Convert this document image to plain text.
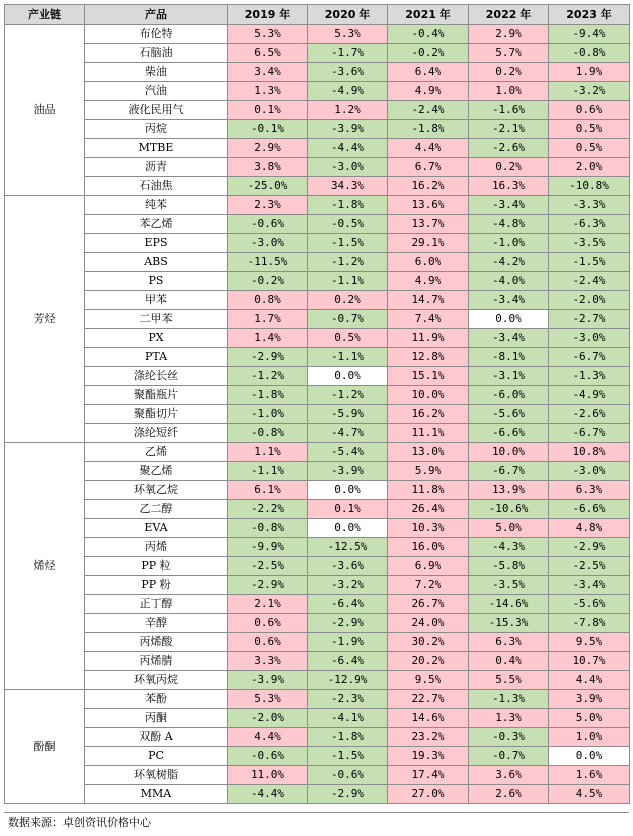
产业链	产品	2019 年	2020 年	2021 年	2022 年	2023 年
油品	布伦特	5.3%	5.3%	-0.4%	2.9%	-9.4%
	石脑油	6.5%	-1.7%	-0.2%	5.7%	-0.8%
	柴油	3.4%	-3.6%	6.4%	0.2%	1.9%
	汽油	1.3%	-4.9%	4.9%	1.0%	-3.2%
	液化民用气	0.1%	1.2%	-2.4%	-1.6%	0.6%
	丙烷	-0.1%	-3.9%	-1.8%	-2.1%	0.5%
	MTBE	2.9%	-4.4%	4.4%	-2.6%	0.5%
	沥青	3.8%	-3.0%	6.7%	0.2%	2.0%
	石油焦	-25.0%	34.3%	16.2%	16.3%	-10.8%
芳烃	纯苯	2.3%	-1.8%	13.6%	-3.4%	-3.3%
	苯乙烯	-0.6%	-0.5%	13.7%	-4.8%	-6.3%
	EPS	-3.0%	-1.5%	29.1%	-1.0%	-3.5%
	ABS	-11.5%	-1.2%	6.0%	-4.2%	-1.5%
	PS	-0.2%	-1.1%	4.9%	-4.0%	-2.4%
	甲苯	0.8%	0.2%	14.7%	-3.4%	-2.0%
	二甲苯	1.7%	-0.7%	7.4%	0.0%	-2.7%
	PX	1.4%	0.5%	11.9%	-3.4%	-3.0%
	PTA	-2.9%	-1.1%	12.8%	-8.1%	-6.7%
	涤纶长丝	-1.2%	0.0%	15.1%	-3.1%	-1.3%
	聚酯瓶片	-1.8%	-1.2%	10.0%	-6.0%	-4.9%
	聚酯切片	-1.0%	-5.9%	16.2%	-5.6%	-2.6%
	涤纶短纤	-0.8%	-4.7%	11.1%	-6.6%	-6.7%
烯烃	乙烯	1.1%	-5.4%	13.0%	10.0%	10.8%
	聚乙烯	-1.1%	-3.9%	5.9%	-6.7%	-3.0%
	环氧乙烷	6.1%	0.0%	11.8%	13.9%	6.3%
	乙二醇	-2.2%	0.1%	26.4%	-10.6%	-6.6%
	EVA	-0.8%	0.0%	10.3%	5.0%	4.8%
	丙烯	-9.9%	-12.5%	16.0%	-4.3%	-2.9%
	PP 粒	-2.5%	-3.6%	6.9%	-5.8%	-2.5%
	PP 粉	-2.9%	-3.2%	7.2%	-3.5%	-3.4%
	正丁醇	2.1%	-6.4%	26.7%	-14.6%	-5.6%
	辛醇	0.6%	-2.9%	24.0%	-15.3%	-7.8%
	丙烯酸	0.6%	-1.9%	30.2%	6.3%	9.5%
	丙烯腈	3.3%	-6.4%	20.2%	0.4%	10.7%
	环氧丙烷	-3.9%	-12.9%	9.5%	5.5%	4.4%
酚酮	苯酚	5.3%	-2.3%	22.7%	-1.3%	3.9%
	丙酮	-2.0%	-4.1%	14.6%	1.3%	5.0%
	双酚 A	4.4%	-1.8%	23.2%	-0.3%	1.0%
	PC	-0.6%	-1.5%	19.3%	-0.7%	0.0%
	环氧树脂	11.0%	-0.6%	17.4%	3.6%	1.6%
	MMA	-4.4%	-2.9%	27.0%	2.6%	4.5%
数据来源：卓创资讯价格中心
